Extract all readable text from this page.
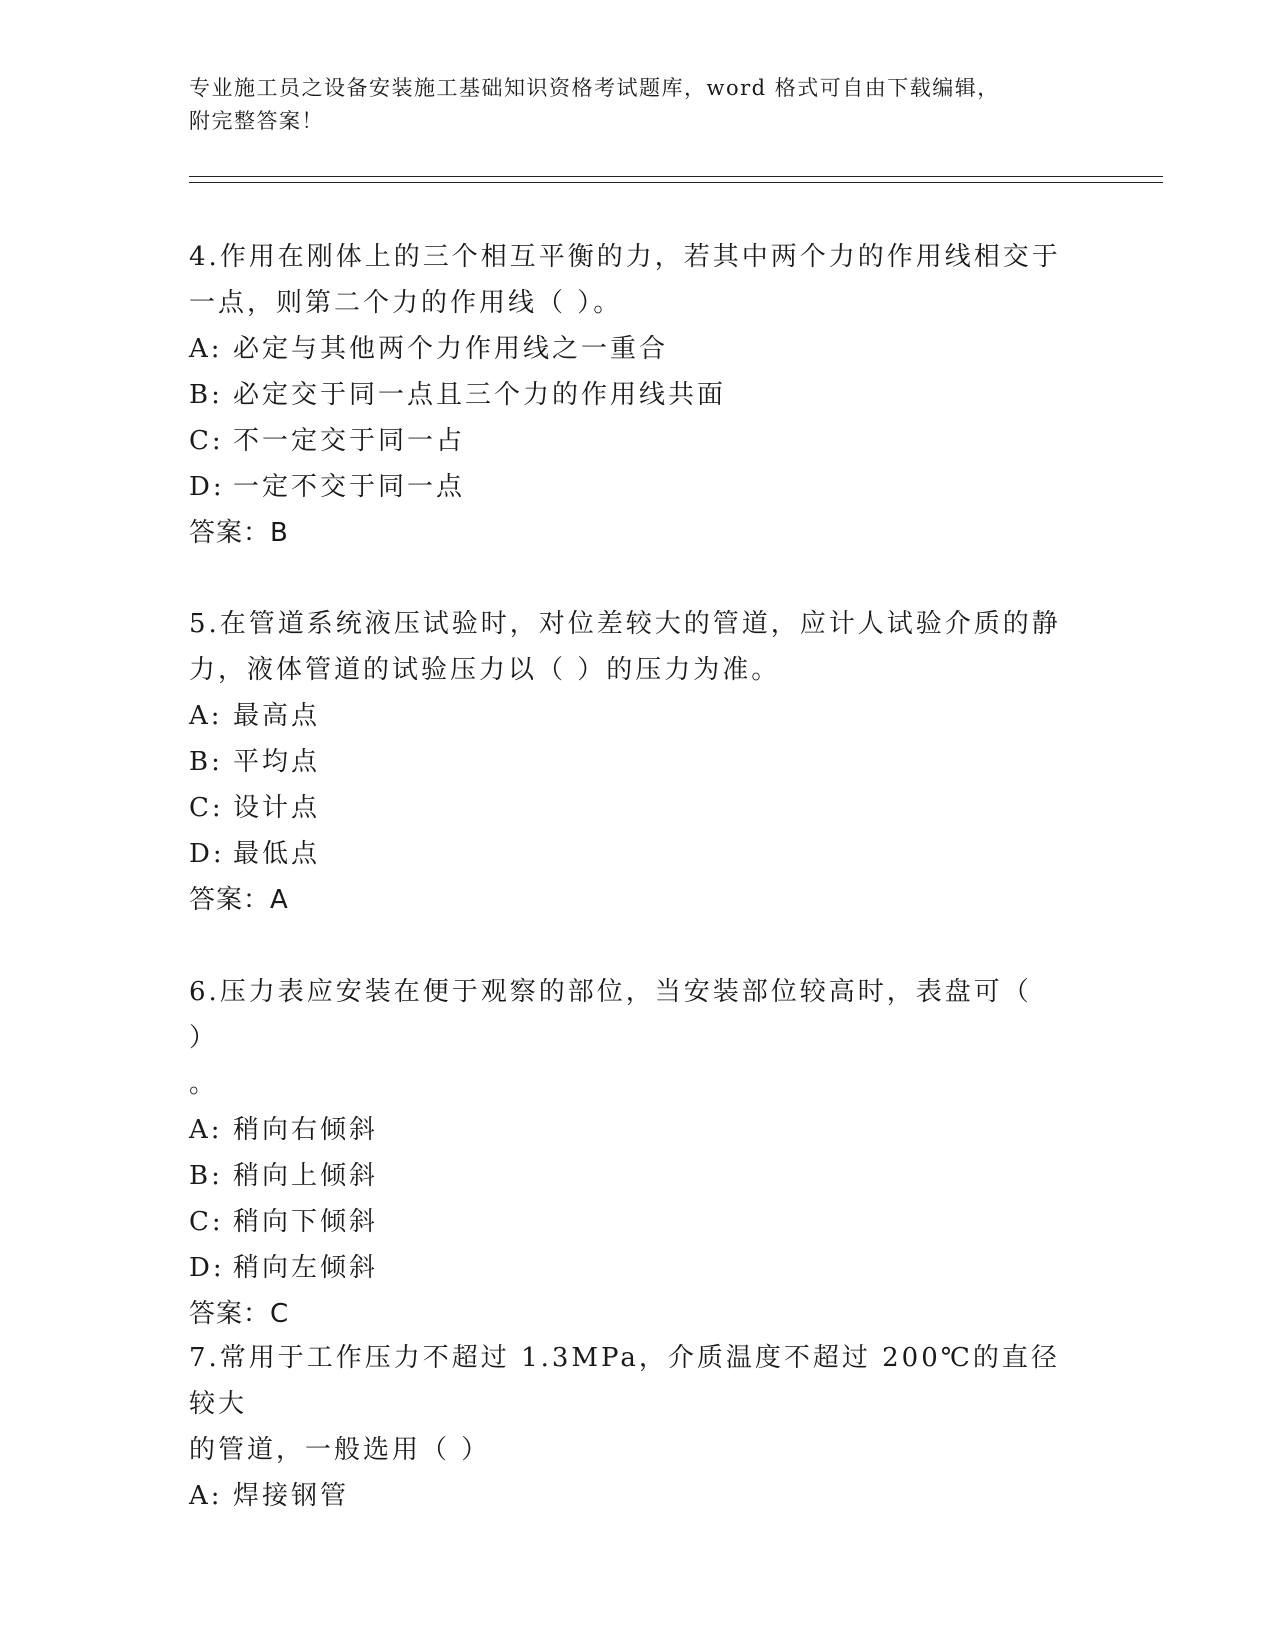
专业施工员之设备安装施工基础知识资格考试题库，word 格式可自由下载编辑，
附完整答案！

4.作用在刚体上的三个相互平衡的力，若其中两个力的作用线相交于
一点，则第二个力的作用线（ ）。

A: 必定与其他两个力作用线之一重合

B: 必定交于同一点且三个力的作用线共面

C: 不一定交于同一占

D: 一定不交于同一点

答案：B

5.在管道系统液压试验时，对位差较大的管道，应计人试验介质的静
力，液体管道的试验压力以（ ）的压力为准。

A: 最高点

B: 平均点

C: 设计点

D: 最低点

答案：A

6.压力表应安装在便于观察的部位，当安装部位较高时，表盘可（ ）
。

A: 稍向右倾斜

B: 稍向上倾斜

C: 稍向下倾斜

D: 稍向左倾斜

答案：C

7.常用于工作压力不超过 1.3MPa，介质温度不超过 200℃的直径较大
的管道，一般选用（ ）

A: 焊接钢管
